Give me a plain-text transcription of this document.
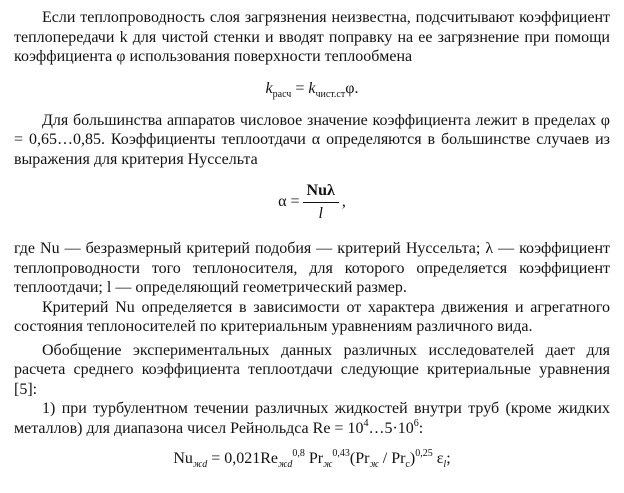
Если теплопроводность слоя загрязнения неизвестна, подсчитывают коэффициент теплопередачи k для чистой стенки и вводят поправку на ее загрязнение при помощи коэффициента φ использования поверхности теплообмена

$k_{расч} = k_{чист.ст}\varphi$.

Для большинства аппаратов числовое значение коэффициента лежит в пределах φ = 0,65…0,85. Коэффициенты теплоотдачи α определяются в большинстве случаев из выражения для критерия Нуссельта

$\alpha = \frac{\text{Nuλ}}{l}$ ,

где Nu — безразмерный критерий подобия — критерий Нуссельта; λ — коэффициент теплопроводности того теплоносителя, для которого определяется коэффициент теплоотдачи; l — определяющий геометрический размер.

Критерий Nu определяется в зависимости от характера движения и агрегатного состояния теплоносителей по критериальным уравнениям различного вида.

Обобщение экспериментальных данных различных исследователей дает для расчета среднего коэффициента теплоотдачи следующие критериальные уравнения [5]:

1) при турбулентном течении различных жидкостей внутри труб (кроме жидких металлов) для диапазона чисел Рейнольдса $Re = 10^4\dots 5\cdot 10^6$:

$Nu_{жd} = 0,021Re_{жd}^{0,8}$ $Pr_ж^{0,43}(Pr_ж / Pr_с)^{0,25}$ $\varepsilon_l$;
